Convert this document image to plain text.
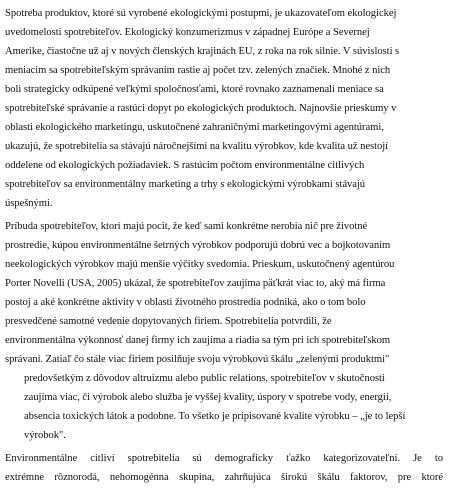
Spotreba produktov, ktoré sú vyrobené ekologickými postupmi, je ukazovateľom ekologickej
uvedomelosti spotrebiteľov. Ekologický konzumerizmus v západnej Európe a Severnej
Amerike, čiastočne už aj v nových členských krajinách EU, z roka na rok silnie. V súvislosti s
meniacim sa spotrebiteľským správaním rastie aj počet tzv. zelených značiek. Mnohé z nich
boli strategicky odkúpené veľkými spoločnosťami, ktoré rovnako zaznamenali meniace sa
spotrebiteľské správanie a rastúci dopyt po ekologických produktoch. Najnovšie prieskumy v
oblasti ekologického marketingu, uskutočnené zahraničnými marketingovými agentúrami,
ukazujú, že spotrebitelia sa stávajú náročnejšími na kvalitu výrobkov, kde kvalita už nestojí
oddelene od ekologických požiadaviek. S rastúcim počtom environmentálne citlivých
spotrebiteľov sa environmentálny marketing a trhy s ekologickými výrobkami stávajú
úspešnými.
Príbuda spotrebiteľov, ktorí majú pocit, že keď sami konkrétne nerobia nič pre životné
prostredie, kúpou environmentálne šetrných výrobkov podporujú dobrú vec a bojkotovaním
neekologických výrobkov majú menšie výčitky svedomia. Prieskum, uskutočnený agentúrou
Porter Novelli (USA, 2005) ukázal, že spotrebiteľov zaujíma päťkrát viac to, aký má firma
postoj a aké konkrétne aktivity v oblasti životného prostredia podniká, ako o tom bolo
presvedčené samotné vedenie dopytovaných firiem. Spotrebitelia potvrdili, že
environmentálna výkonnosť danej firmy ich zaujíma a riadia sa tým pri ich spotrebiteľskom
správaní. Zatiaľ čo stále viac firiem posilňuje svoju výrobkovú škálu „zelenými produktmi"
predovšetkým z dôvodov altruizmu alebo public relations, spotrebiteľov v skutočnosti
zaujíma viac, či výrobok alebo služba je vyššej kvality, úspory v spotrebe vody, energií,
absencia toxických látok a podobne. To všetko je pripisované kvalite výrobku – „je to lepší
výrobok".
Environmentálne citliví spotrebitelia sú demograficky ťažko kategorizovateľní. Je to
extrémne rôznorodá, nehomogénna skupina, zahrňujúca širokú škálu faktorov, pre ktoré
